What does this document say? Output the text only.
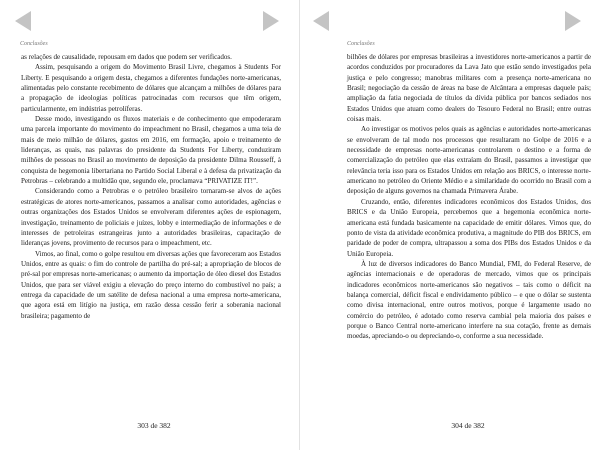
Conclusões

as relações de causalidade, repousam em dados que podem ser verificados.

Assim, pesquisando a origem do Movimento Brasil Livre, chegamos à Students For Liberty. E pesquisando a origem desta, chegamos a diferentes fundações norte-americanas, alimentadas pelo constante recebimento de dólares que alcançam a milhões de dólares para a propagação de ideologias políticas patrocinadas com recursos que têm origem, particularmente, em indústrias petrolíferas.

Desse modo, investigando os fluxos materiais e de conhecimento que empoderaram uma parcela importante do movimento do impeachment no Brasil, chegamos a uma teia de mais de meio milhão de dólares, gastos em 2016, em formação, apoio e treinamento de lideranças, as quais, nas palavras do presidente da Students For Liberty, conduziram milhões de pessoas no Brasil ao movimento de deposição da presidente Dilma Rousseff, à conquista de hegemonia libertariana no Partido Social Liberal e à defesa da privatização da Petrobras – celebrando a multidão que, segundo ele, proclamava “PRIVATIZE IT!”.

Considerando como a Petrobras e o petróleo brasileiro tornaram-se alvos de ações estratégicas de atores norte-americanos, passamos a analisar como autoridades, agências e outras organizações dos Estados Unidos se envolveram diferentes ações de espionagem, investigação, treinamento de policiais e juízes, lobby e intermediação de informações e de interesses de petroleiras estrangeiras junto a autoridades brasileiras, capacitação de lideranças jovens, provimento de recursos para o impeachment, etc.

Vimos, ao final, como o golpe resultou em diversas ações que favoreceram aos Estados Unidos, entre as quais: o fim do controle de partilha do pré-sal; a apropriação de blocos de pré-sal por empresas norte-americanas; o aumento da importação de óleo diesel dos Estados Unidos, que para ser viável exigiu a elevação do preço interno do combustível no país; a entrega da capacidade de um satélite de defesa nacional a uma empresa norte-americana, que agora está em litígio na justiça, em razão dessa cessão ferir a soberania nacional brasileira; pagamento de

303 de 382
Conclusões

bilhões de dólares por empresas brasileiras a investidores norte-americanos a partir de acordos conduzidos por procuradores da Lava Jato que estão sendo investigados pela justiça e pelo congresso; manobras militares com a presença norte-americana no Brasil; negociação da cessão de áreas na base de Alcântara a empresas daquele país; ampliação da fatia negociada de títulos da dívida pública por bancos sediados nos Estados Unidos que atuam como dealers do Tesouro Federal no Brasil; entre outras coisas mais.

Ao investigar os motivos pelos quais as agências e autoridades norte-americanas se envolveram de tal modo nos processos que resultaram no Golpe de 2016 e a necessidade de empresas norte-americanas controlarem o destino e a forma de comercialização do petróleo que elas extraíam do Brasil, passamos a investigar que relevância teria isso para os Estados Unidos em relação aos BRICS, o interesse norte-americano no petróleo do Oriente Médio e a similaridade do ocorrido no Brasil com a deposição de alguns governos na chamada Primavera Árabe.

Cruzando, então, diferentes indicadores econômicos dos Estados Unidos, dos BRICS e da União Europeia, percebemos que a hegemonia econômica norte-americana está fundada basicamente na capacidade de emitir dólares. Vimos que, do ponto de vista da atividade econômica produtiva, a magnitude do PIB dos BRICS, em paridade de poder de compra, ultrapassou a soma dos PIBs dos Estados Unidos e da União Europeia.

À luz de diversos indicadores do Banco Mundial, FMI, do Federal Reserve, de agências internacionais e de operadoras de mercado, vimos que os principais indicadores econômicos norte-americanos são negativos – tais como o déficit na balança comercial, déficit fiscal e endividamento público – e que o dólar se sustenta como divisa internacional, entre outros motivos, porque é largamente usado no comércio do petróleo, é adotado como reserva cambial pela maioria dos países e porque o Banco Central norte-americano interfere na sua cotação, frente as demais moedas, apreciando-o ou depreciando-o, conforme a sua necessidade.

304 de 382
